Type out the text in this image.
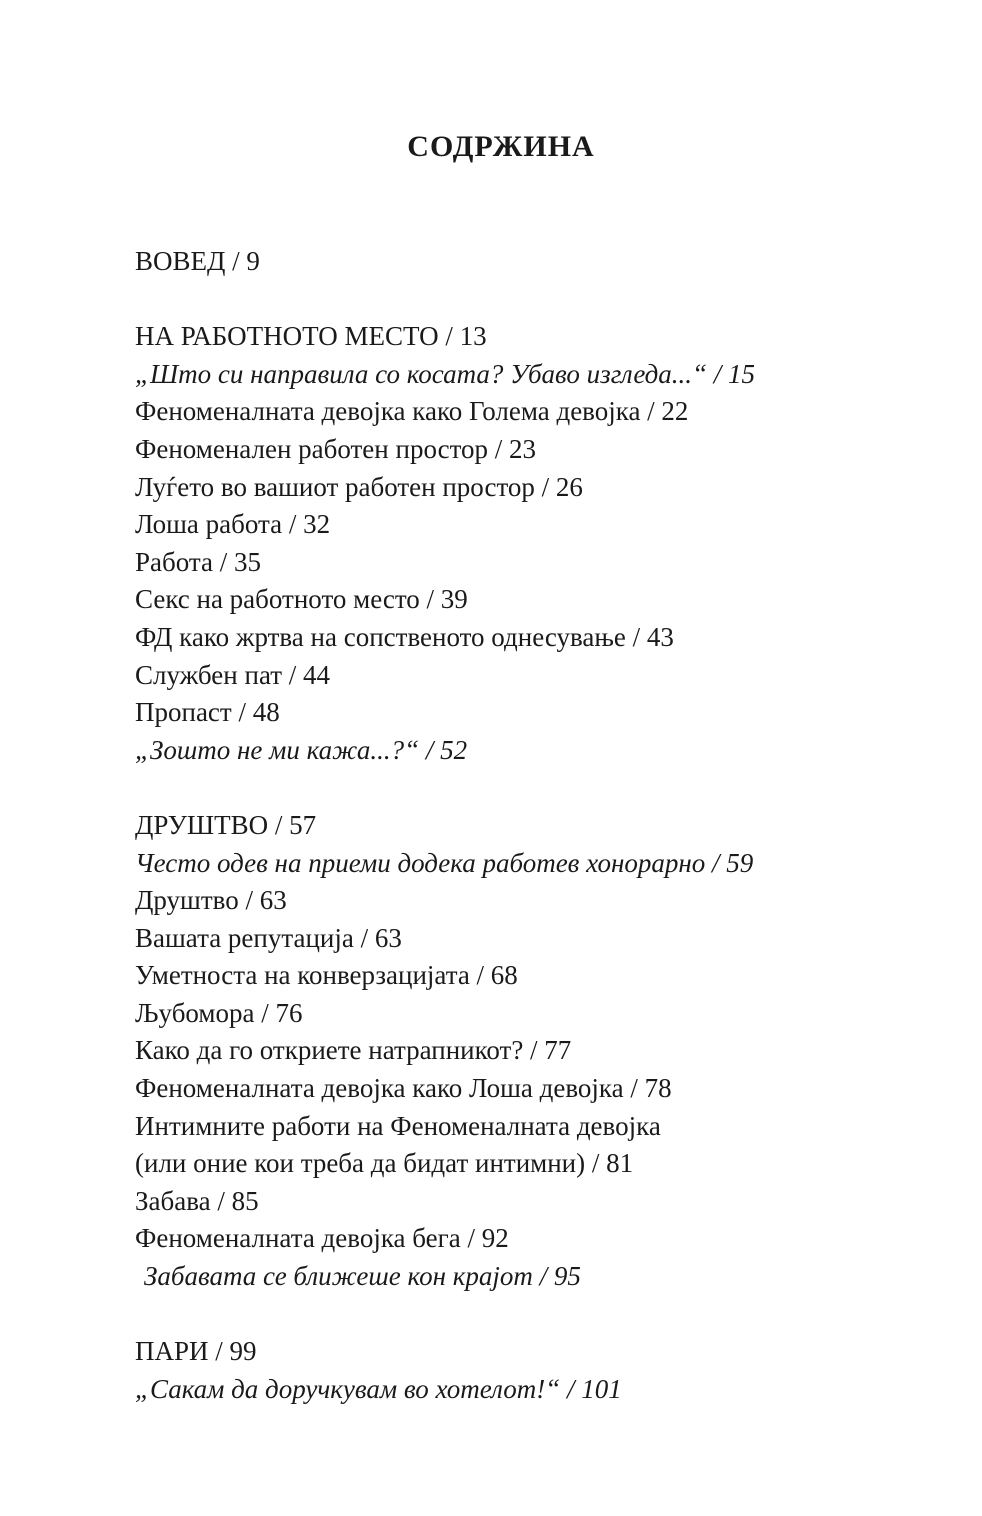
СОДРЖИНА
ВОВЕД / 9
НА РАБОТНОТО МЕСТО / 13
„Што си направила со косата? Убаво изгледа...“ / 15
Феноменалната девојка како Голема девојка / 22
Феноменален работен простор / 23
Луѓето во вашиот работен простор / 26
Лоша работа / 32
Работа / 35
Секс на работното место / 39
ФД како жртва на сопственото однесување / 43
Службен пат / 44
Пропаст / 48
„Зошто не ми кажа...?“ / 52
ДРУШТВО / 57
Често одев на приеми додека работев хонорарно / 59
Друштво / 63
Вашата репутација / 63
Уметноста на конверзацијата / 68
Љубомора / 76
Како да го откриете натрапникот? / 77
Феноменалната девојка како Лоша девојка / 78
Интимните работи на Феноменалната девојка
(или оние кои треба да бидат интимни) / 81
Забава / 85
Феноменалната девојка бега / 92
Забавата се ближеше кон крајот / 95
ПАРИ / 99
„Сакам да доручкувам во хотелот!“ / 101
